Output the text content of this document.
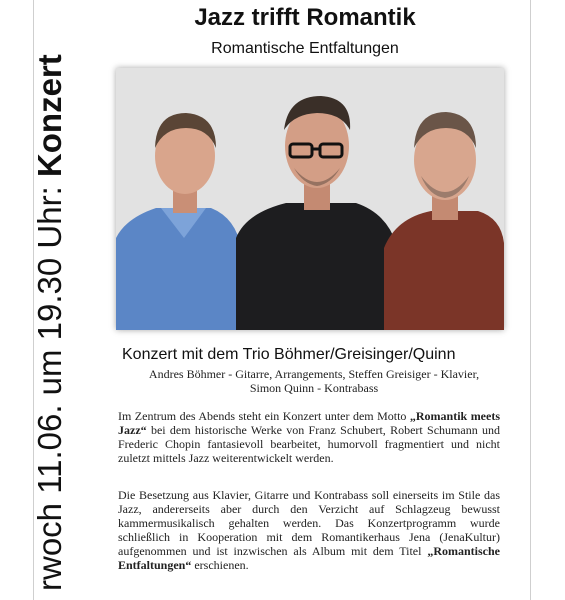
rwoch 11.06. um 19.30 Uhr: Konzert
Jazz trifft Romantik
Romantische Entfaltungen
Konzert mit dem Trio Böhmer/Greisinger/Quinn
Andres Böhmer - Gitarre, Arrangements, Steffen Greisiger - Klavier,
Simon Quinn - Kontrabass
Im Zentrum des Abends steht ein Konzert unter dem Motto „Romantik meets Jazz“ bei dem historische Werke von Franz Schubert, Robert Schumann und Frederic Chopin fantasievoll bearbeitet, humorvoll fragmentiert und nicht zuletzt mittels Jazz weiterentwickelt werden.
Die Besetzung aus Klavier, Gitarre und Kontrabass soll einerseits im Stile das Jazz, andererseits aber durch den Verzicht auf Schlagzeug bewusst kammermusikalisch gehalten werden. Das Konzertprogramm wurde schließlich in Kooperation mit dem Romantikerhaus Jena (JenaKultur) aufgenommen und ist inzwischen als Album mit dem Titel „Romantische Entfaltungen“ erschienen.
